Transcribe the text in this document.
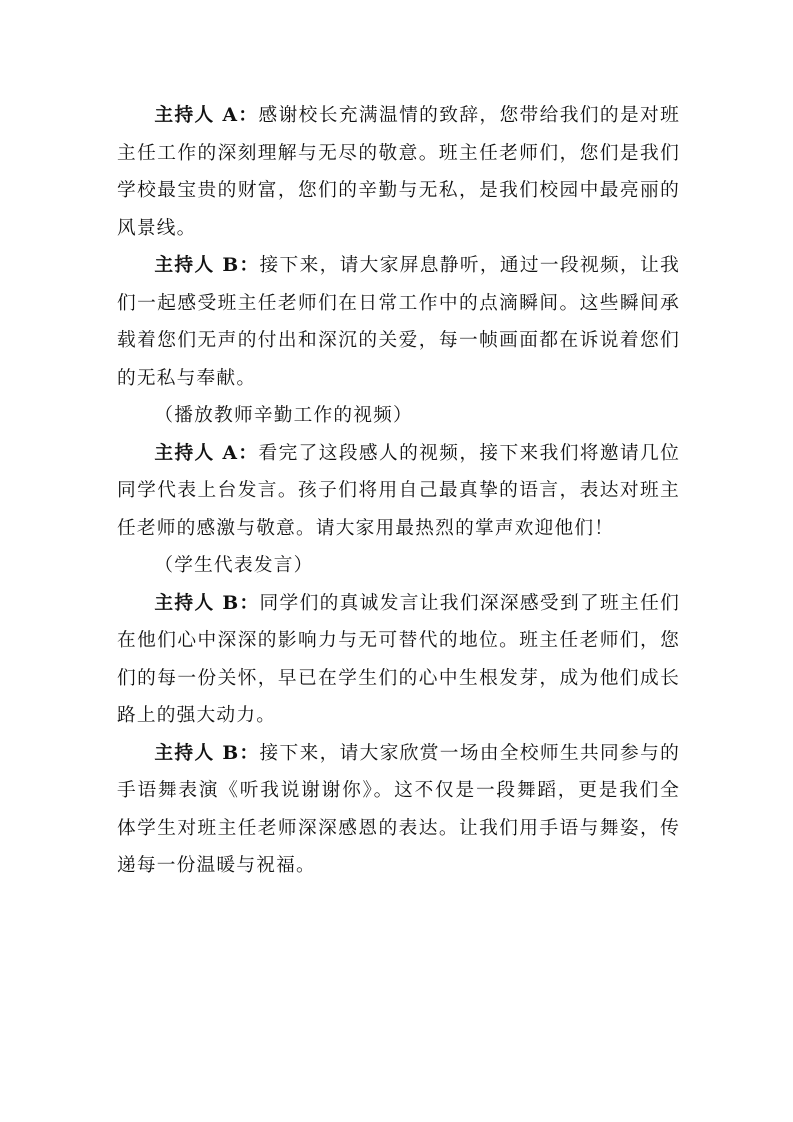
主持人 A：感谢校长充满温情的致辞，您带给我们的是对班主任工作的深刻理解与无尽的敬意。班主任老师们，您们是我们学校最宝贵的财富，您们的辛勤与无私，是我们校园中最亮丽的风景线。

主持人 B：接下来，请大家屏息静听，通过一段视频，让我们一起感受班主任老师们在日常工作中的点滴瞬间。这些瞬间承载着您们无声的付出和深沉的关爱，每一帧画面都在诉说着您们的无私与奉献。

（播放教师辛勤工作的视频）

主持人 A：看完了这段感人的视频，接下来我们将邀请几位同学代表上台发言。孩子们将用自己最真挚的语言，表达对班主任老师的感激与敬意。请大家用最热烈的掌声欢迎他们！

（学生代表发言）

主持人 B：同学们的真诚发言让我们深深感受到了班主任们在他们心中深深的影响力与无可替代的地位。班主任老师们，您们的每一份关怀，早已在学生们的心中生根发芽，成为他们成长路上的强大动力。

主持人 B：接下来，请大家欣赏一场由全校师生共同参与的手语舞表演《听我说谢谢你》。这不仅是一段舞蹈，更是我们全体学生对班主任老师深深感恩的表达。让我们用手语与舞姿，传递每一份温暖与祝福。
